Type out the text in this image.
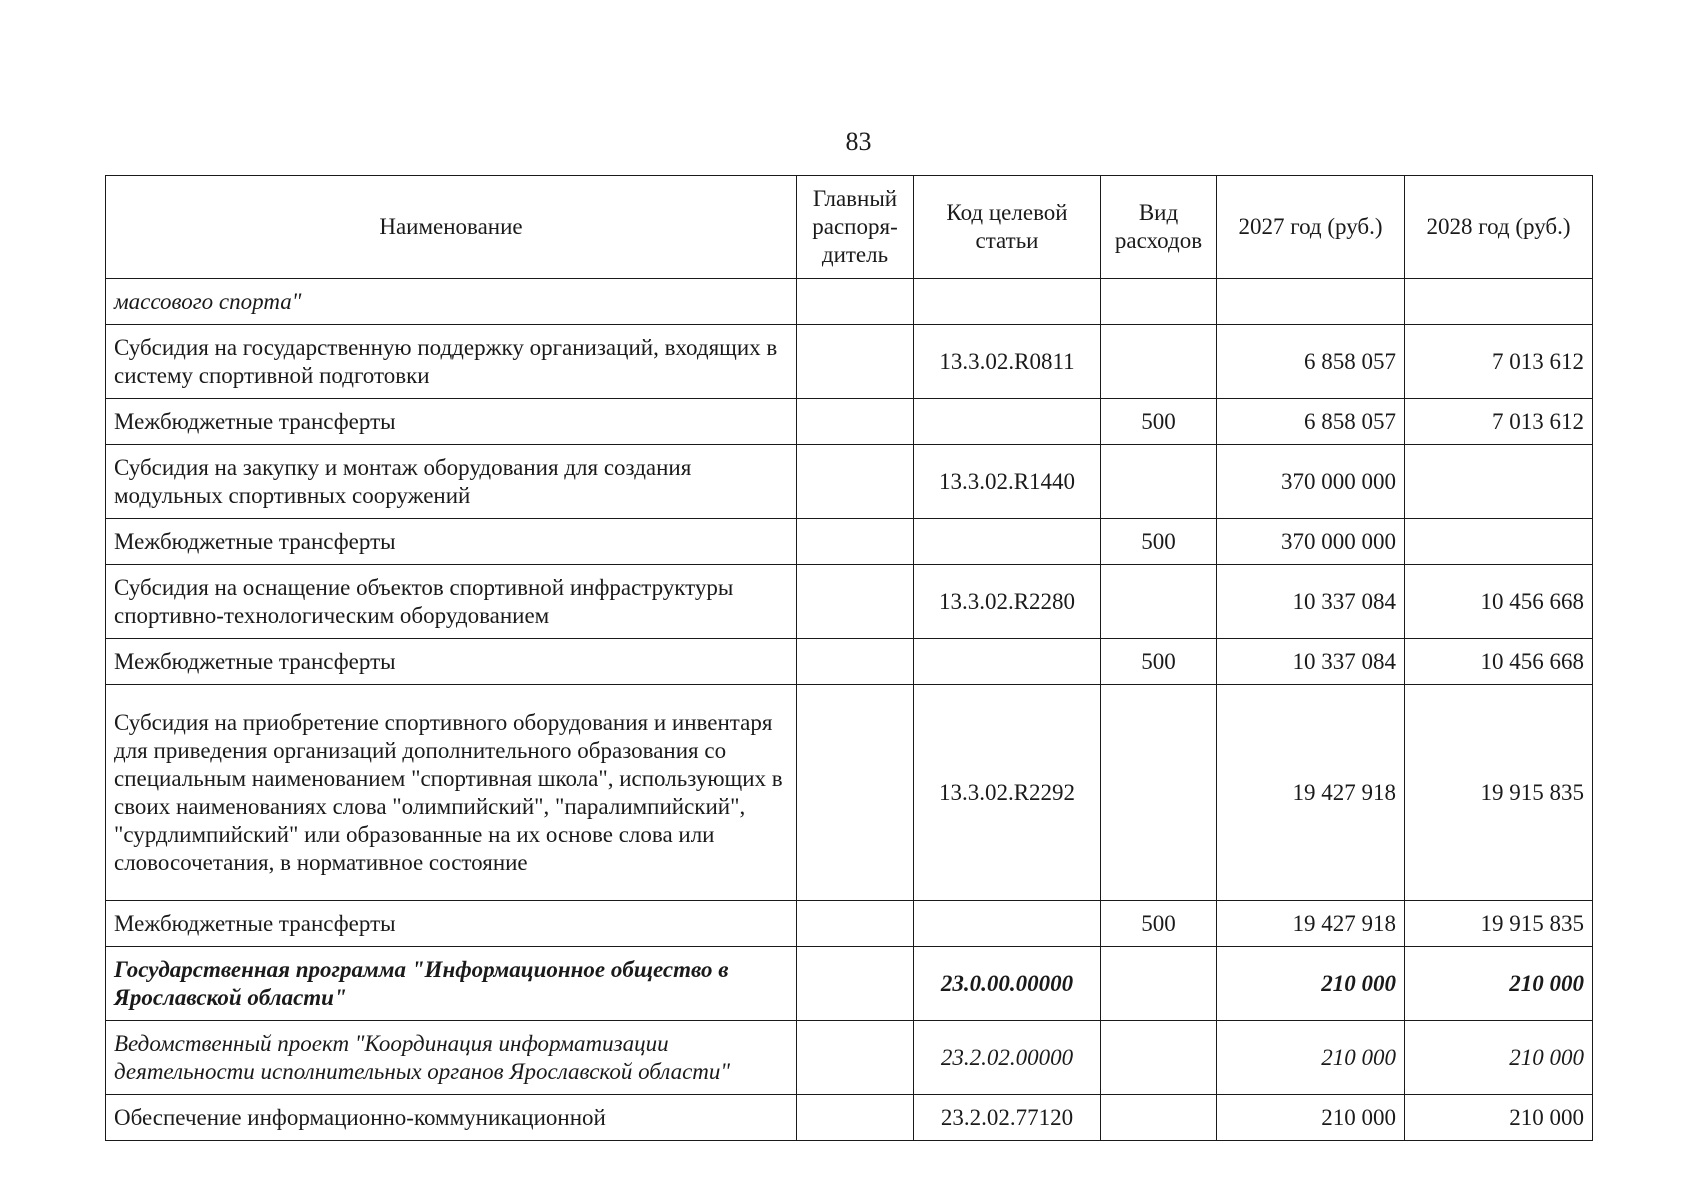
83
Наименование	Главный распоря- дитель	Код целевой статьи	Вид расходов	2027 год (руб.)	2028 год (руб.)
массового спорта"					
Субсидия на государственную поддержку организаций, входящих в систему спортивной подготовки		13.3.02.R0811		6 858 057	7 013 612
Межбюджетные трансферты			500	6 858 057	7 013 612
Субсидия на закупку и монтаж оборудования для создания модульных спортивных сооружений		13.3.02.R1440		370 000 000	
Межбюджетные трансферты			500	370 000 000	
Субсидия на оснащение объектов спортивной инфраструктуры спортивно-технологическим оборудованием		13.3.02.R2280		10 337 084	10 456 668
Межбюджетные трансферты			500	10 337 084	10 456 668
Субсидия на приобретение спортивного оборудования и инвентаря для приведения организаций дополнительного образования со специальным наименованием "спортивная школа", использующих в своих наименованиях слова "олимпийский", "паралимпийский", "сурдлимпийский" или образованные на их основе слова или словосочетания, в нормативное состояние		13.3.02.R2292		19 427 918	19 915 835
Межбюджетные трансферты			500	19 427 918	19 915 835
Государственная программа "Информационное общество в Ярославской области"		23.0.00.00000		210 000	210 000
Ведомственный проект "Координация информатизации деятельности исполнительных органов Ярославской области"		23.2.02.00000		210 000	210 000
Обеспечение информационно-коммуникационной		23.2.02.77120		210 000	210 000
